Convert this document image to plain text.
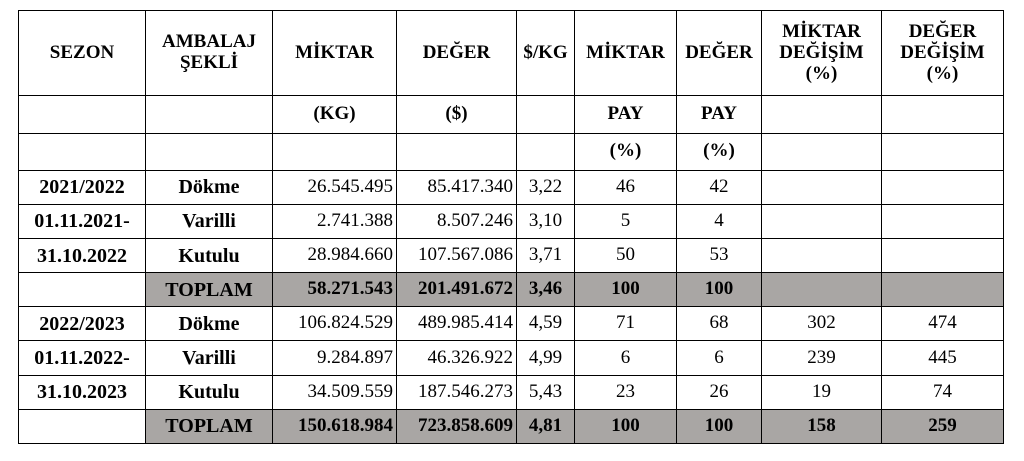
SEZON	AMBALAJ ŞEKLİ	MİKTAR	DEĞER	$/KG	MİKTAR	DEĞER	MİKTAR DEĞİŞİM (%)	DEĞER DEĞİŞİM (%)
		(KG)	($)		PAY	PAY		
					(%)	(%)		
2021/2022	Dökme	26.545.495	85.417.340	3,22	46	42		
01.11.2021-	Varilli	2.741.388	8.507.246	3,10	5	4		
31.10.2022	Kutulu	28.984.660	107.567.086	3,71	50	53		
	TOPLAM	58.271.543	201.491.672	3,46	100	100		
2022/2023	Dökme	106.824.529	489.985.414	4,59	71	68	302	474
01.11.2022-	Varilli	9.284.897	46.326.922	4,99	6	6	239	445
31.10.2023	Kutulu	34.509.559	187.546.273	5,43	23	26	19	74
	TOPLAM	150.618.984	723.858.609	4,81	100	100	158	259
